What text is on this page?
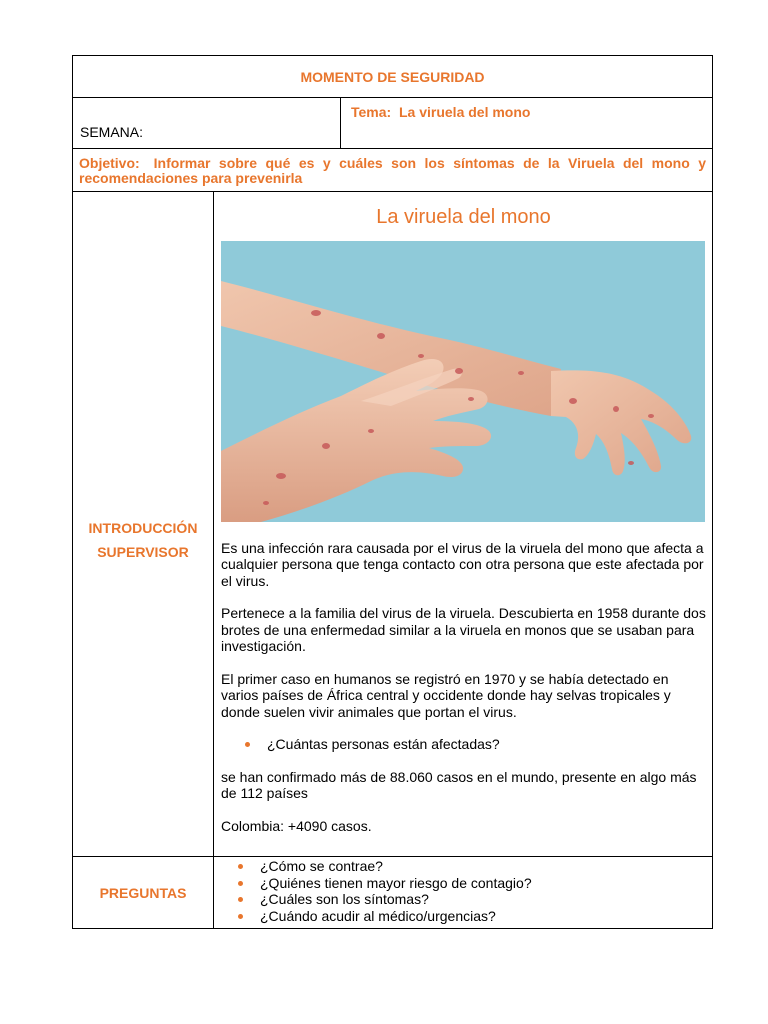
MOMENTO DE SEGURIDAD
SEMANA:
Tema: La viruela del mono
Objetivo: Informar sobre qué es y cuáles son los síntomas de la Viruela del mono y recomendaciones para prevenirla
INTRODUCCIÓN
SUPERVISOR
La viruela del mono

Es una infección rara causada por el virus de la viruela del mono que afecta a cualquier persona que tenga contacto con otra persona que este afectada por el virus.

Pertenece a la familia del virus de la viruela. Descubierta en 1958 durante dos brotes de una enfermedad similar a la viruela en monos que se usaban para investigación.

El primer caso en humanos se registró en 1970 y se había detectado en varios países de África central y occidente donde hay selvas tropicales y donde suelen vivir animales que portan el virus.

¿Cuántas personas están afectadas?

se han confirmado más de 88.060 casos en el mundo, presente en algo más de 112 países

Colombia: +4090 casos.

PREGUNTAS
¿Cómo se contrae?
¿Quiénes tienen mayor riesgo de contagio?
¿Cuáles son los síntomas?
¿Cuándo acudir al médico/urgencias?
